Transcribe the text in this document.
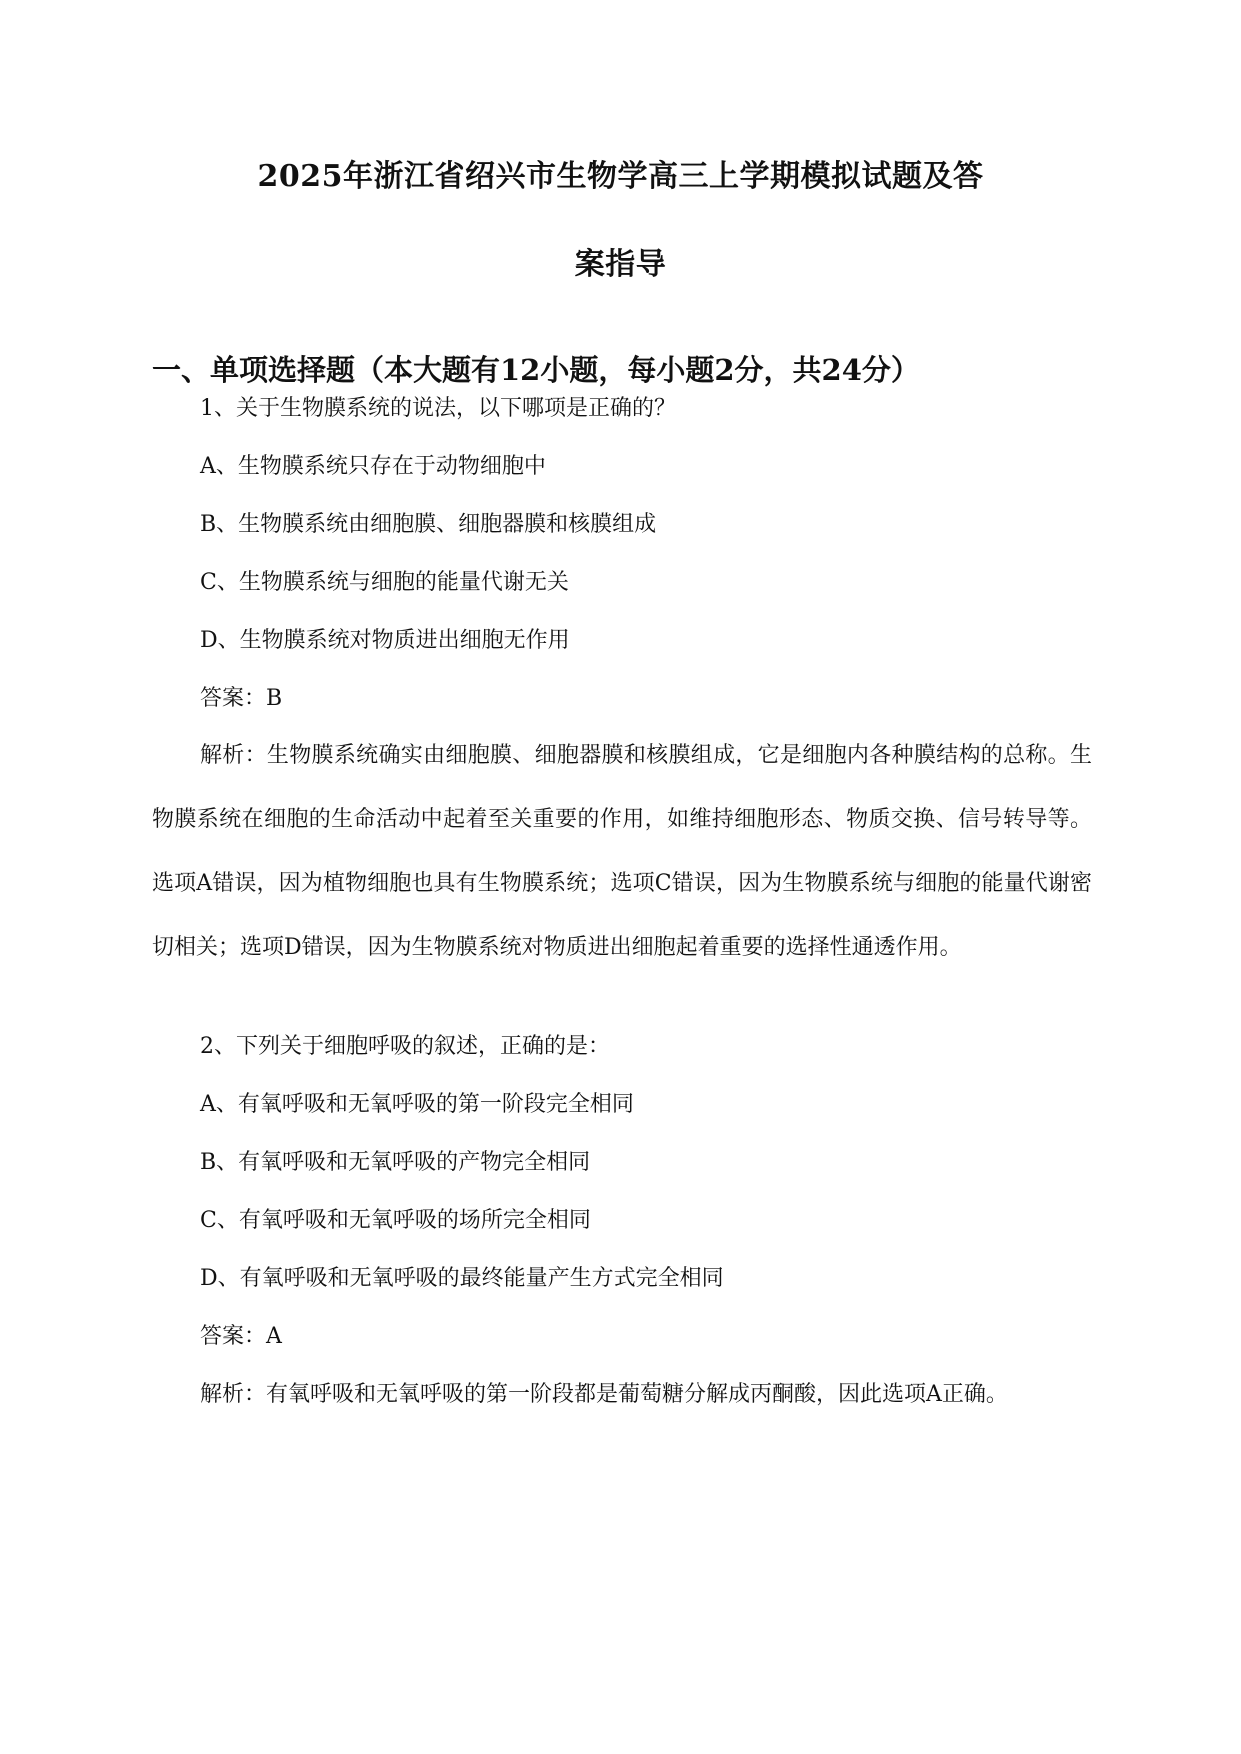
2025年浙江省绍兴市生物学高三上学期模拟试题及答
案指导
一、单项选择题（本大题有12小题，每小题2分，共24分）

1、关于生物膜系统的说法，以下哪项是正确的？

A、生物膜系统只存在于动物细胞中

B、生物膜系统由细胞膜、细胞器膜和核膜组成

C、生物膜系统与细胞的能量代谢无关

D、生物膜系统对物质进出细胞无作用

答案：B

解析：生物膜系统确实由细胞膜、细胞器膜和核膜组成，它是细胞内各种膜结构的总称。生物膜系统在细胞的生命活动中起着至关重要的作用，如维持细胞形态、物质交换、信号转导等。选项A错误，因为植物细胞也具有生物膜系统；选项C错误，因为生物膜系统与细胞的能量代谢密切相关；选项D错误，因为生物膜系统对物质进出细胞起着重要的选择性通透作用。

2、下列关于细胞呼吸的叙述，正确的是：

A、有氧呼吸和无氧呼吸的第一阶段完全相同

B、有氧呼吸和无氧呼吸的产物完全相同

C、有氧呼吸和无氧呼吸的场所完全相同

D、有氧呼吸和无氧呼吸的最终能量产生方式完全相同

答案：A

解析：有氧呼吸和无氧呼吸的第一阶段都是葡萄糖分解成丙酮酸，因此选项A正确。
